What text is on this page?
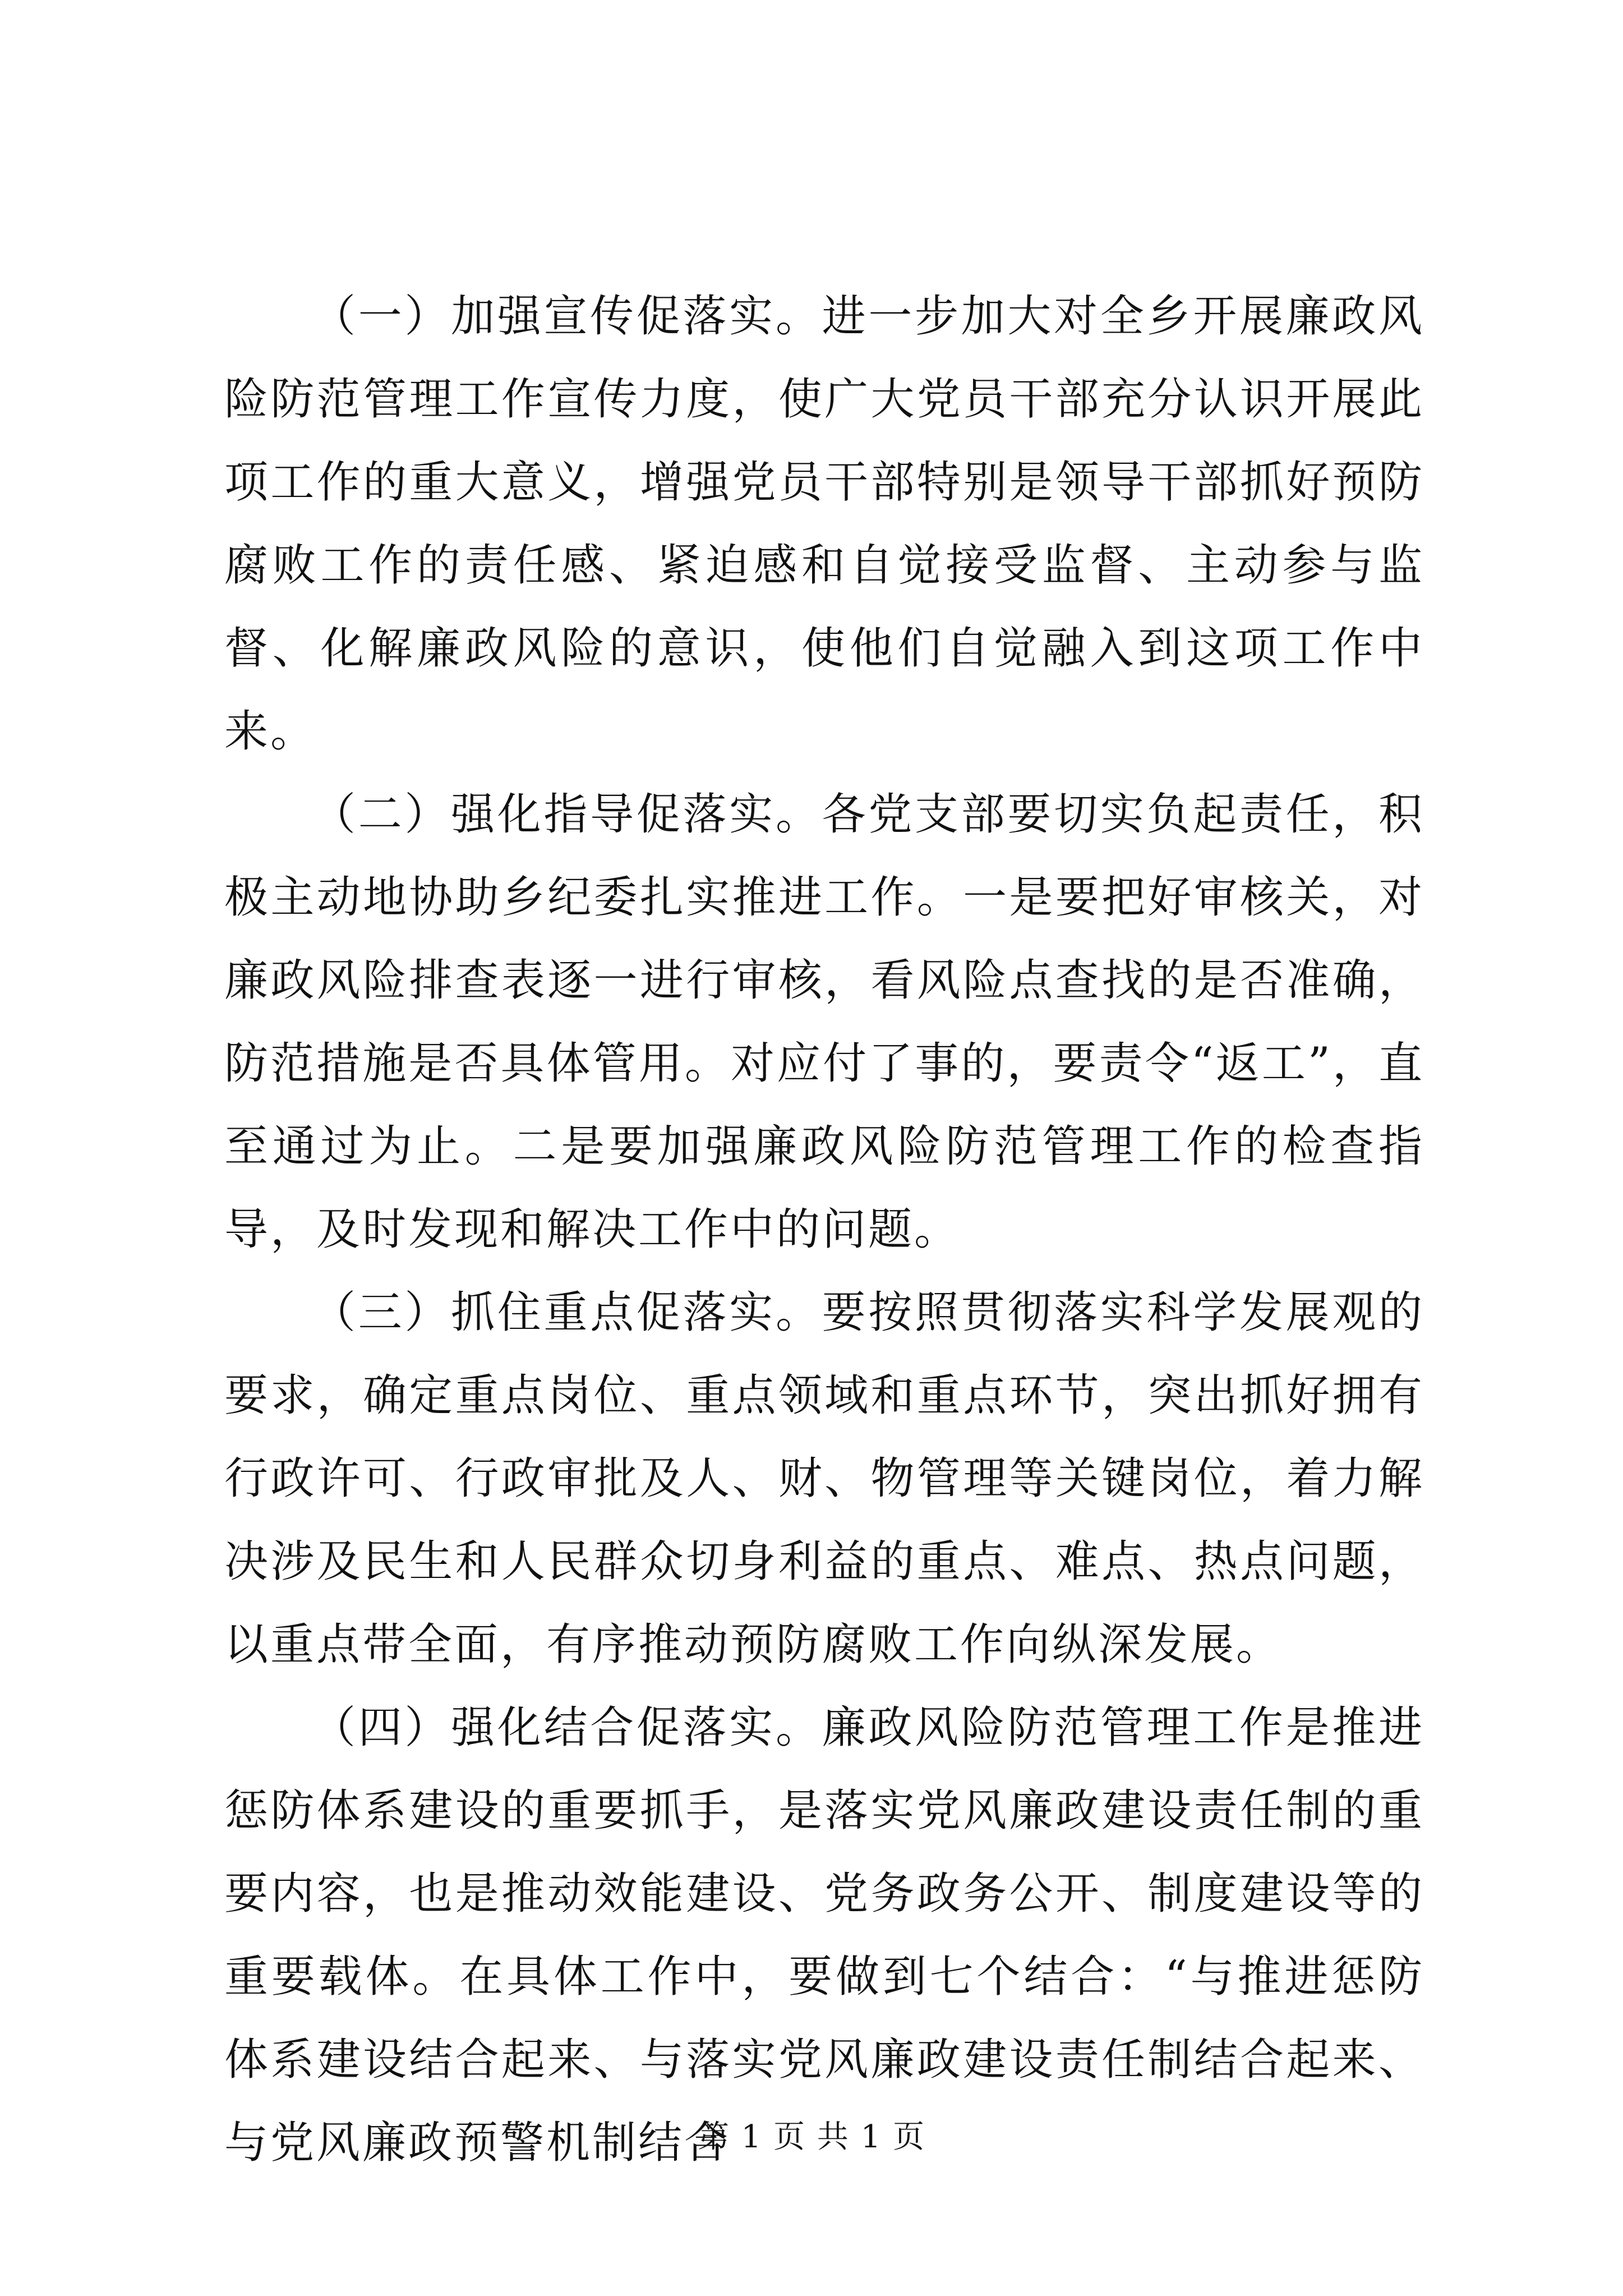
（一）加强宣传促落实。进一步加大对全乡开展廉政风险防范管理工作宣传力度，使广大党员干部充分认识开展此项工作的重大意义，增强党员干部特别是领导干部抓好预防腐败工作的责任感、紧迫感和自觉接受监督、主动参与监督、化解廉政风险的意识，使他们自觉融入到这项工作中来。

（二）强化指导促落实。各党支部要切实负起责任，积极主动地协助乡纪委扎实推进工作。一是要把好审核关，对廉政风险排查表逐一进行审核，看风险点查找的是否准确，防范措施是否具体管用。对应付了事的，要责令“返工”，直至通过为止。二是要加强廉政风险防范管理工作的检查指导，及时发现和解决工作中的问题。

（三）抓住重点促落实。要按照贯彻落实科学发展观的要求，确定重点岗位、重点领域和重点环节，突出抓好拥有行政许可、行政审批及人、财、物管理等关键岗位，着力解决涉及民生和人民群众切身利益的重点、难点、热点问题，以重点带全面，有序推动预防腐败工作向纵深发展。

（四）强化结合促落实。廉政风险防范管理工作是推进惩防体系建设的重要抓手，是落实党风廉政建设责任制的重要内容，也是推动效能建设、党务政务公开、制度建设等的重要载体。在具体工作中，要做到七个结合：“与推进惩防体系建设结合起来、与落实党风廉政建设责任制结合起来、与党风廉政预警机制结合

第 1 页 共 1 页
